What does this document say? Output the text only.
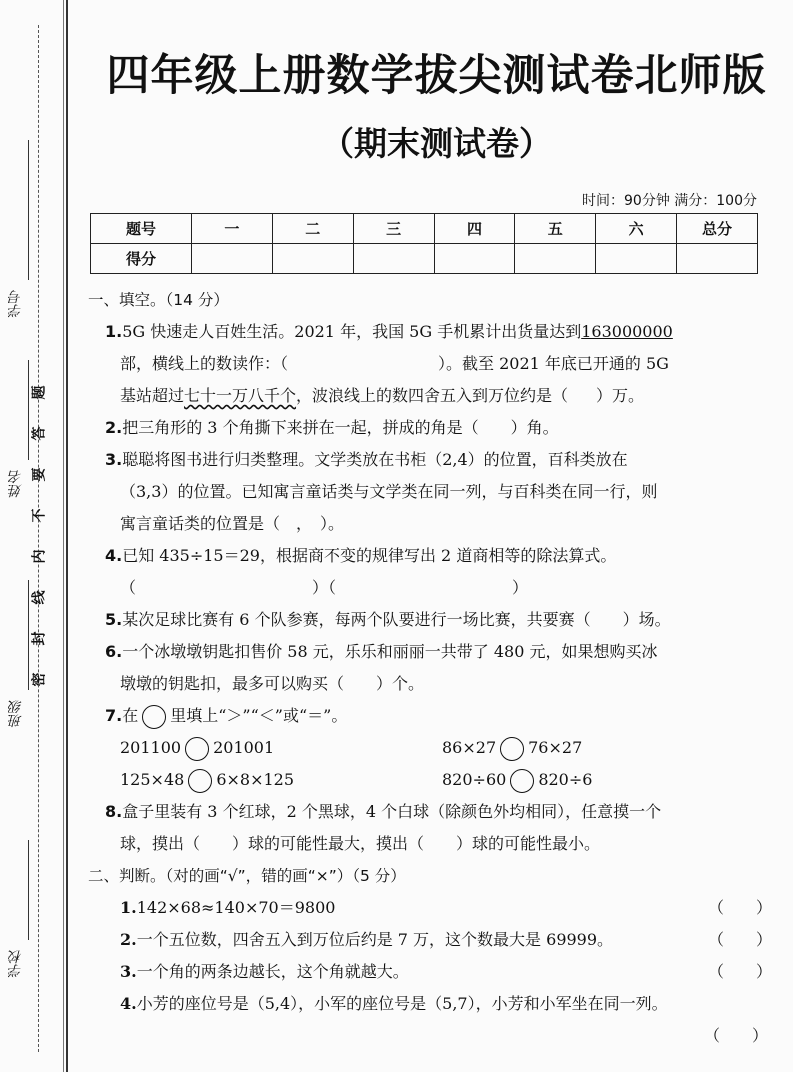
学号
姓名
班级
学校
题
答
要
不
内
线
封
密
四年级上册数学拔尖测试卷北师版
（期末测试卷）
时间：90分钟 满分：100分
题号	一	二	三	四	五	六	总分
得分							

一、填空。（14 分）

1.5G 快速走人百姓生活。2021 年，我国 5G 手机累计出货量达到163000000

部，横线上的数读作：（	）。截至 2021 年底已开通的 5G

基站超过七十一万八千个，波浪线上的数四舍五入到万位约是（ ）万。

2.把三角形的 3 个角撕下来拼在一起，拼成的角是（　　）角。

3.聪聪将图书进行归类整理。文学类放在书柜（2,4）的位置，百科类放在

（3,3）的位置。已知寓言童话类与文学类在同一列，与百科类在同一行，则

寓言童话类的位置是（　，　）。

4.已知 435÷15＝29，根据商不变的规律写出 2 道商相等的除法算式。

（　　　　　　　　　　　）（　　　　　　　　　　　）

5.某次足球比赛有 6 个队参赛，每两个队要进行一场比赛，共要赛（　　）场。

6.一个冰墩墩钥匙扣售价 58 元，乐乐和丽丽一共带了 480 元，如果想购买冰

墩墩的钥匙扣，最多可以购买（　　）个。

7.在 里填上“＞”“＜”或“＝”。

201100 201001	86×27 76×27
125×48 6×8×125	820÷60 820÷6

8.盒子里装有 3 个红球，2 个黑球，4 个白球（除颜色外均相同），任意摸一个

球，摸出（　　）球的可能性最大，摸出（　　）球的可能性最小。

二、判断。（对的画“√”，错的画“×”）（5 分）

1.142×68≈140×70＝9800	（　　）
2.一个五位数，四舍五入到万位后约是 7 万，这个数最大是 69999。	（　　）
3.一个角的两条边越长，这个角就越大。	（　　）
4.小芳的座位号是（5,4），小军的座位号是（5,7），小芳和小军坐在同一列。

（　　）
